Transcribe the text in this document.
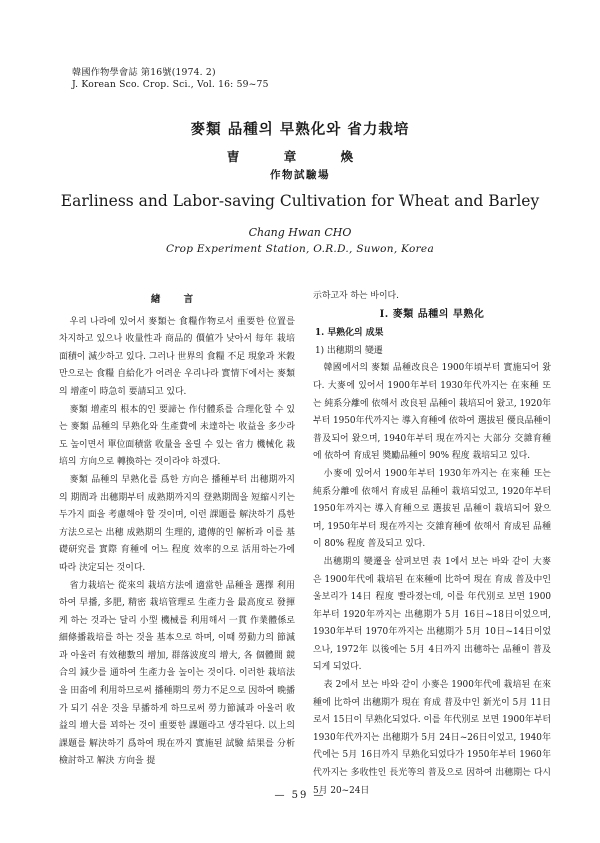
韓國作物學會誌 第16號(1974. 2)
J. Korean Sco. Crop. Sci., Vol. 16: 59~75
麥類 品種의 早熟化와 省力栽培
曺 章 煥
作物試驗場
Earliness and Labor-saving Cultivation for Wheat and Barley
Chang Hwan CHO
Crop Experiment Station, O.R.D., Suwon, Korea

緖 言

우리 나라에 있어서 麥類는 食糧作物로서 重要한 位置를 차지하고 있으나 收量性과 商品的 價値가 낮아서 每年 栽培面積이 減少하고 있다. 그러나 世界의 食糧 不足 現象과 米穀만으로는 食糧 自給化가 어려운 우리나라 實情下에서는 麥類의 增產이 時急히 要請되고 있다.

麥類 增產의 根本的인 要諦는 作付體系를 合理化할 수 있는 麥類 品種의 早熟化와 生產費에 未達하는 收益을 多少라도 높이면서 單位面積當 收量을 올릴 수 있는 省力 機械化 栽培의 方向으로 轉換하는 것이라야 하겠다.

麥類 品種의 早熟化를 爲한 方向은 播種부터 出穗期까지의 期間과 出穗期부터 成熟期까지의 登熟期間을 短縮시키는 두가지 面을 考慮해야 할 것이며, 이런 課題를 解決하기 爲한 方法으로는 出穗 成熟期의 生理的, 遺傳的인 解析과 이를 基礎研究를 實際 育種에 어느 程度 效率的으로 活用하는가에 따라 決定되는 것이다.

省力栽培는 從來의 栽培方法에 適當한 品種을 選擇 利用하여 早播, 多肥, 精密 栽培管理로 生產力을 最高度로 發揮케 하는 것과는 달리 小型 機械를 利用해서 一貫 作業體係로 細條播栽培를 하는 것을 基本으로 하며, 이때 勞動力의 節減과 아울러 有效穗數의 增加, 群落波度의 增大, 各 個體間 競合의 減少를 通하여 生產力을 높이는 것이다. 이러한 栽培法을 田畓에 利用하므로써 播種期의 勞力不足으로 因하여 晩播가 되기 쉬운 것을 早播하게 하므로써 勞力節減과 아울러 收益의 增大를 꾀하는 것이 重要한 課題라고 생각된다. 以上의 課題를 解決하기 爲하여 現在까지 實施된 試驗 結果를 分析 檢討하고 解決 方向을 提

示하고자 하는 바이다.

I. 麥類 品種의 早熟化

1. 早熟化의 成果

1) 出穗期의 變遷

韓國에서의 麥類 品種改良은 1900年頃부터 實施되어 왔다. 大麥에 있어서 1900年부터 1930年代까지는 在來種 또는 純系分離에 依해서 改良된 品種이 栽培되어 왔고, 1920年부터 1950年代까지는 導入育種에 依하여 選拔된 優良品種이 普及되어 왔으며, 1940年부터 現在까지는 大部分 交雜育種에 依하여 育成된 奬勵品種이 90% 程度 栽培되고 있다.

小麥에 있어서 1900年부터 1930年까지는 在來種 또는 純系分離에 依해서 育成된 品種이 栽培되었고, 1920年부터 1950年까지는 導入育種으로 選拔된 品種이 栽培되어 왔으며, 1950年부터 現在까지는 交雜育種에 依해서 育成된 品種이 80% 程度 普及되고 있다.

出穗期의 變遷을 살펴보면 表 1에서 보는 바와 같이 大麥은 1900年代에 栽培된 在來種에 比하여 現在 育成 普及中인 울보리가 14日 程度 빨라졌는데, 이를 年代別로 보면 1900年부터 1920年까지는 出穗期가 5月 16日~18日이었으며, 1930年부터 1970年까지는 出穗期가 5月 10日~14日이었으나, 1972年 以後에는 5月 4日까지 出穗하는 品種이 普及되게 되었다.

表 2에서 보는 바와 같이 小麥은 1900年代에 栽培된 在來種에 比하여 出穗期가 現在 育成 普及中인 新光이 5月 11日로서 15日이 早熟化되었다. 이를 年代別로 보면 1900年부터 1930年代까지는 出穗期가 5月 24日~26日이었고, 1940年代에는 5月 16日까지 早熟化되었다가 1950年부터 1960年代까지는 多收性인 長光等의 普及으로 因하여 出穗期는 다시 5月 20~24日

— 59 —
